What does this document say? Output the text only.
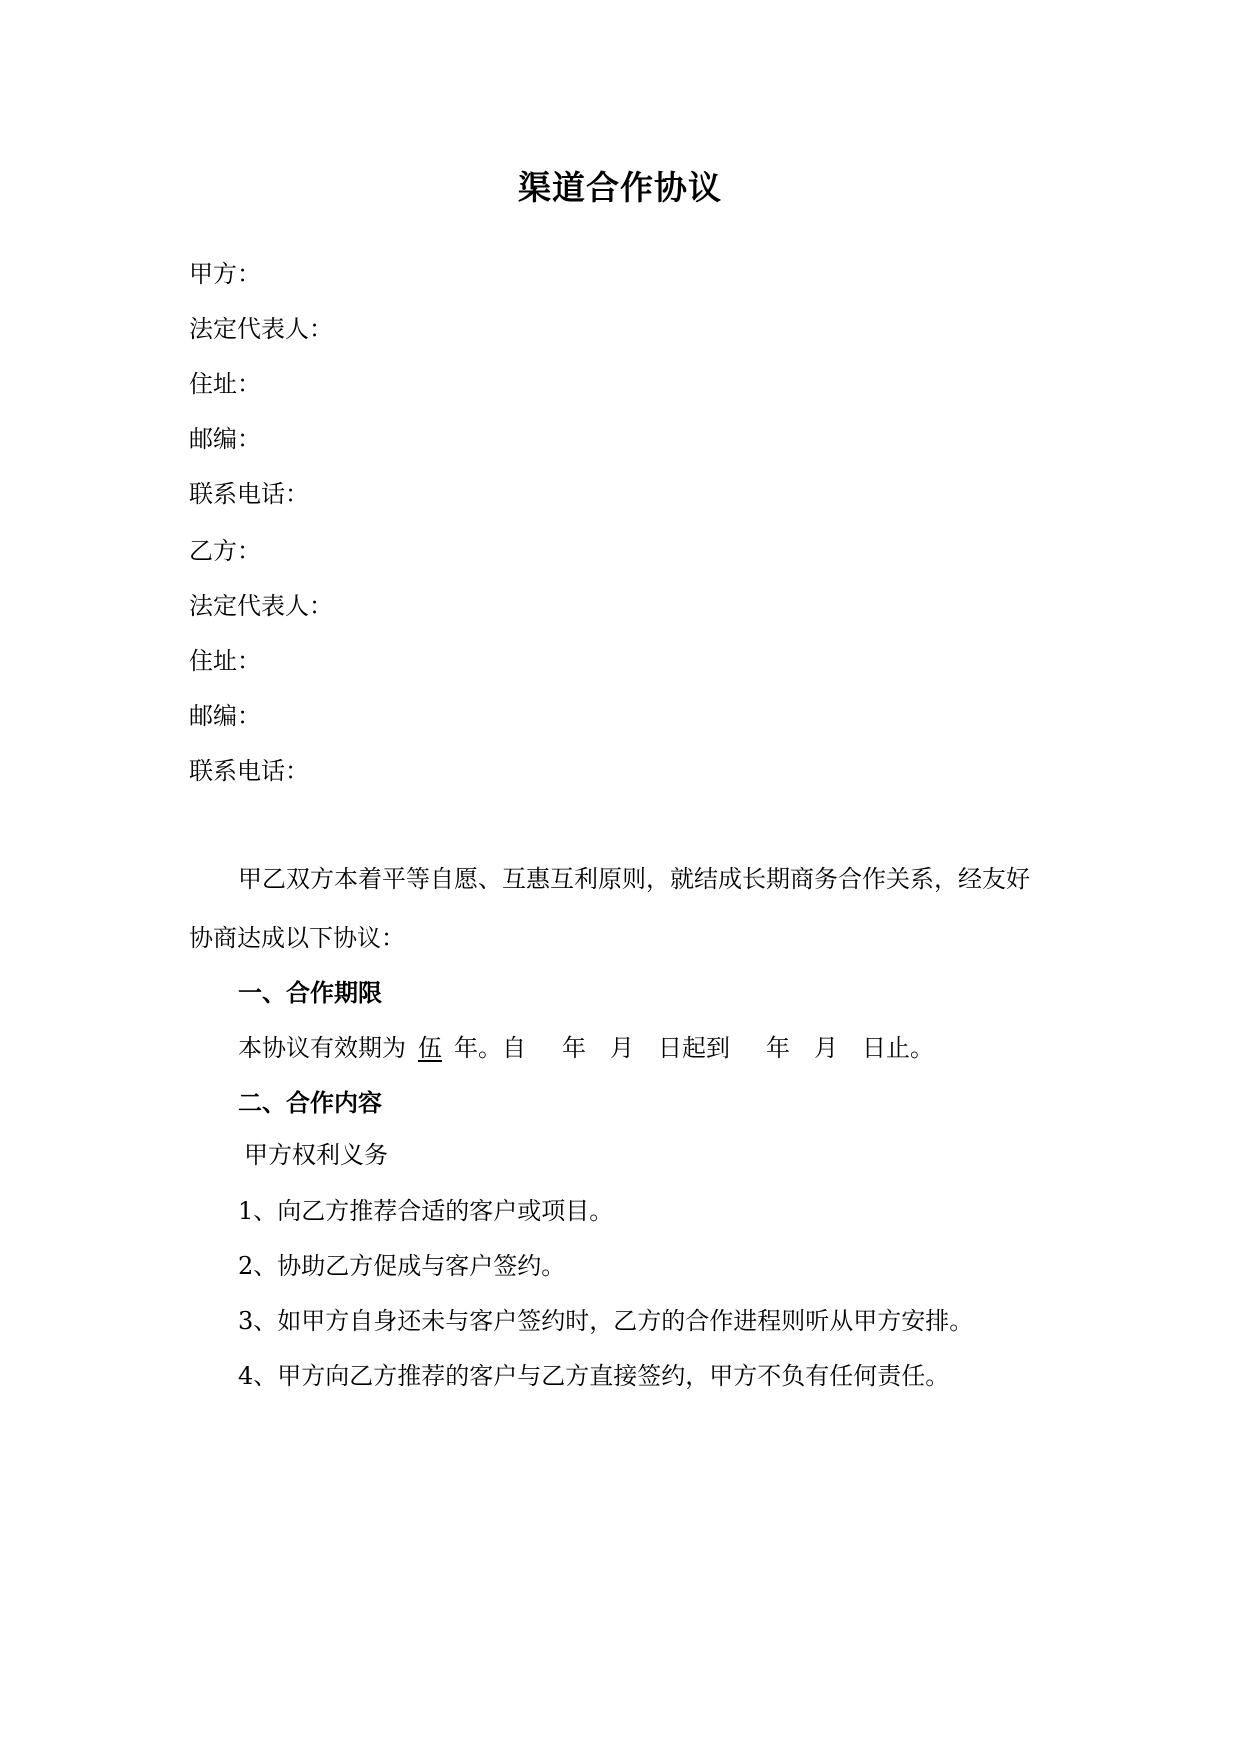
渠道合作协议
甲方：
法定代表人：
住址：
邮编：
联系电话：
乙方：
法定代表人：
住址：
邮编：
联系电话：
甲乙双方本着平等自愿、互惠互利原则，就结成长期商务合作关系，经友好
协商达成以下协议：
一、合作期限
本协议有效期为 伍 年。自 年 月 日起到 年 月 日止。
二、合作内容
甲方权利义务
1、向乙方推荐合适的客户或项目。
2、协助乙方促成与客户签约。
3、如甲方自身还未与客户签约时，乙方的合作进程则听从甲方安排。
4、甲方向乙方推荐的客户与乙方直接签约，甲方不负有任何责任。
